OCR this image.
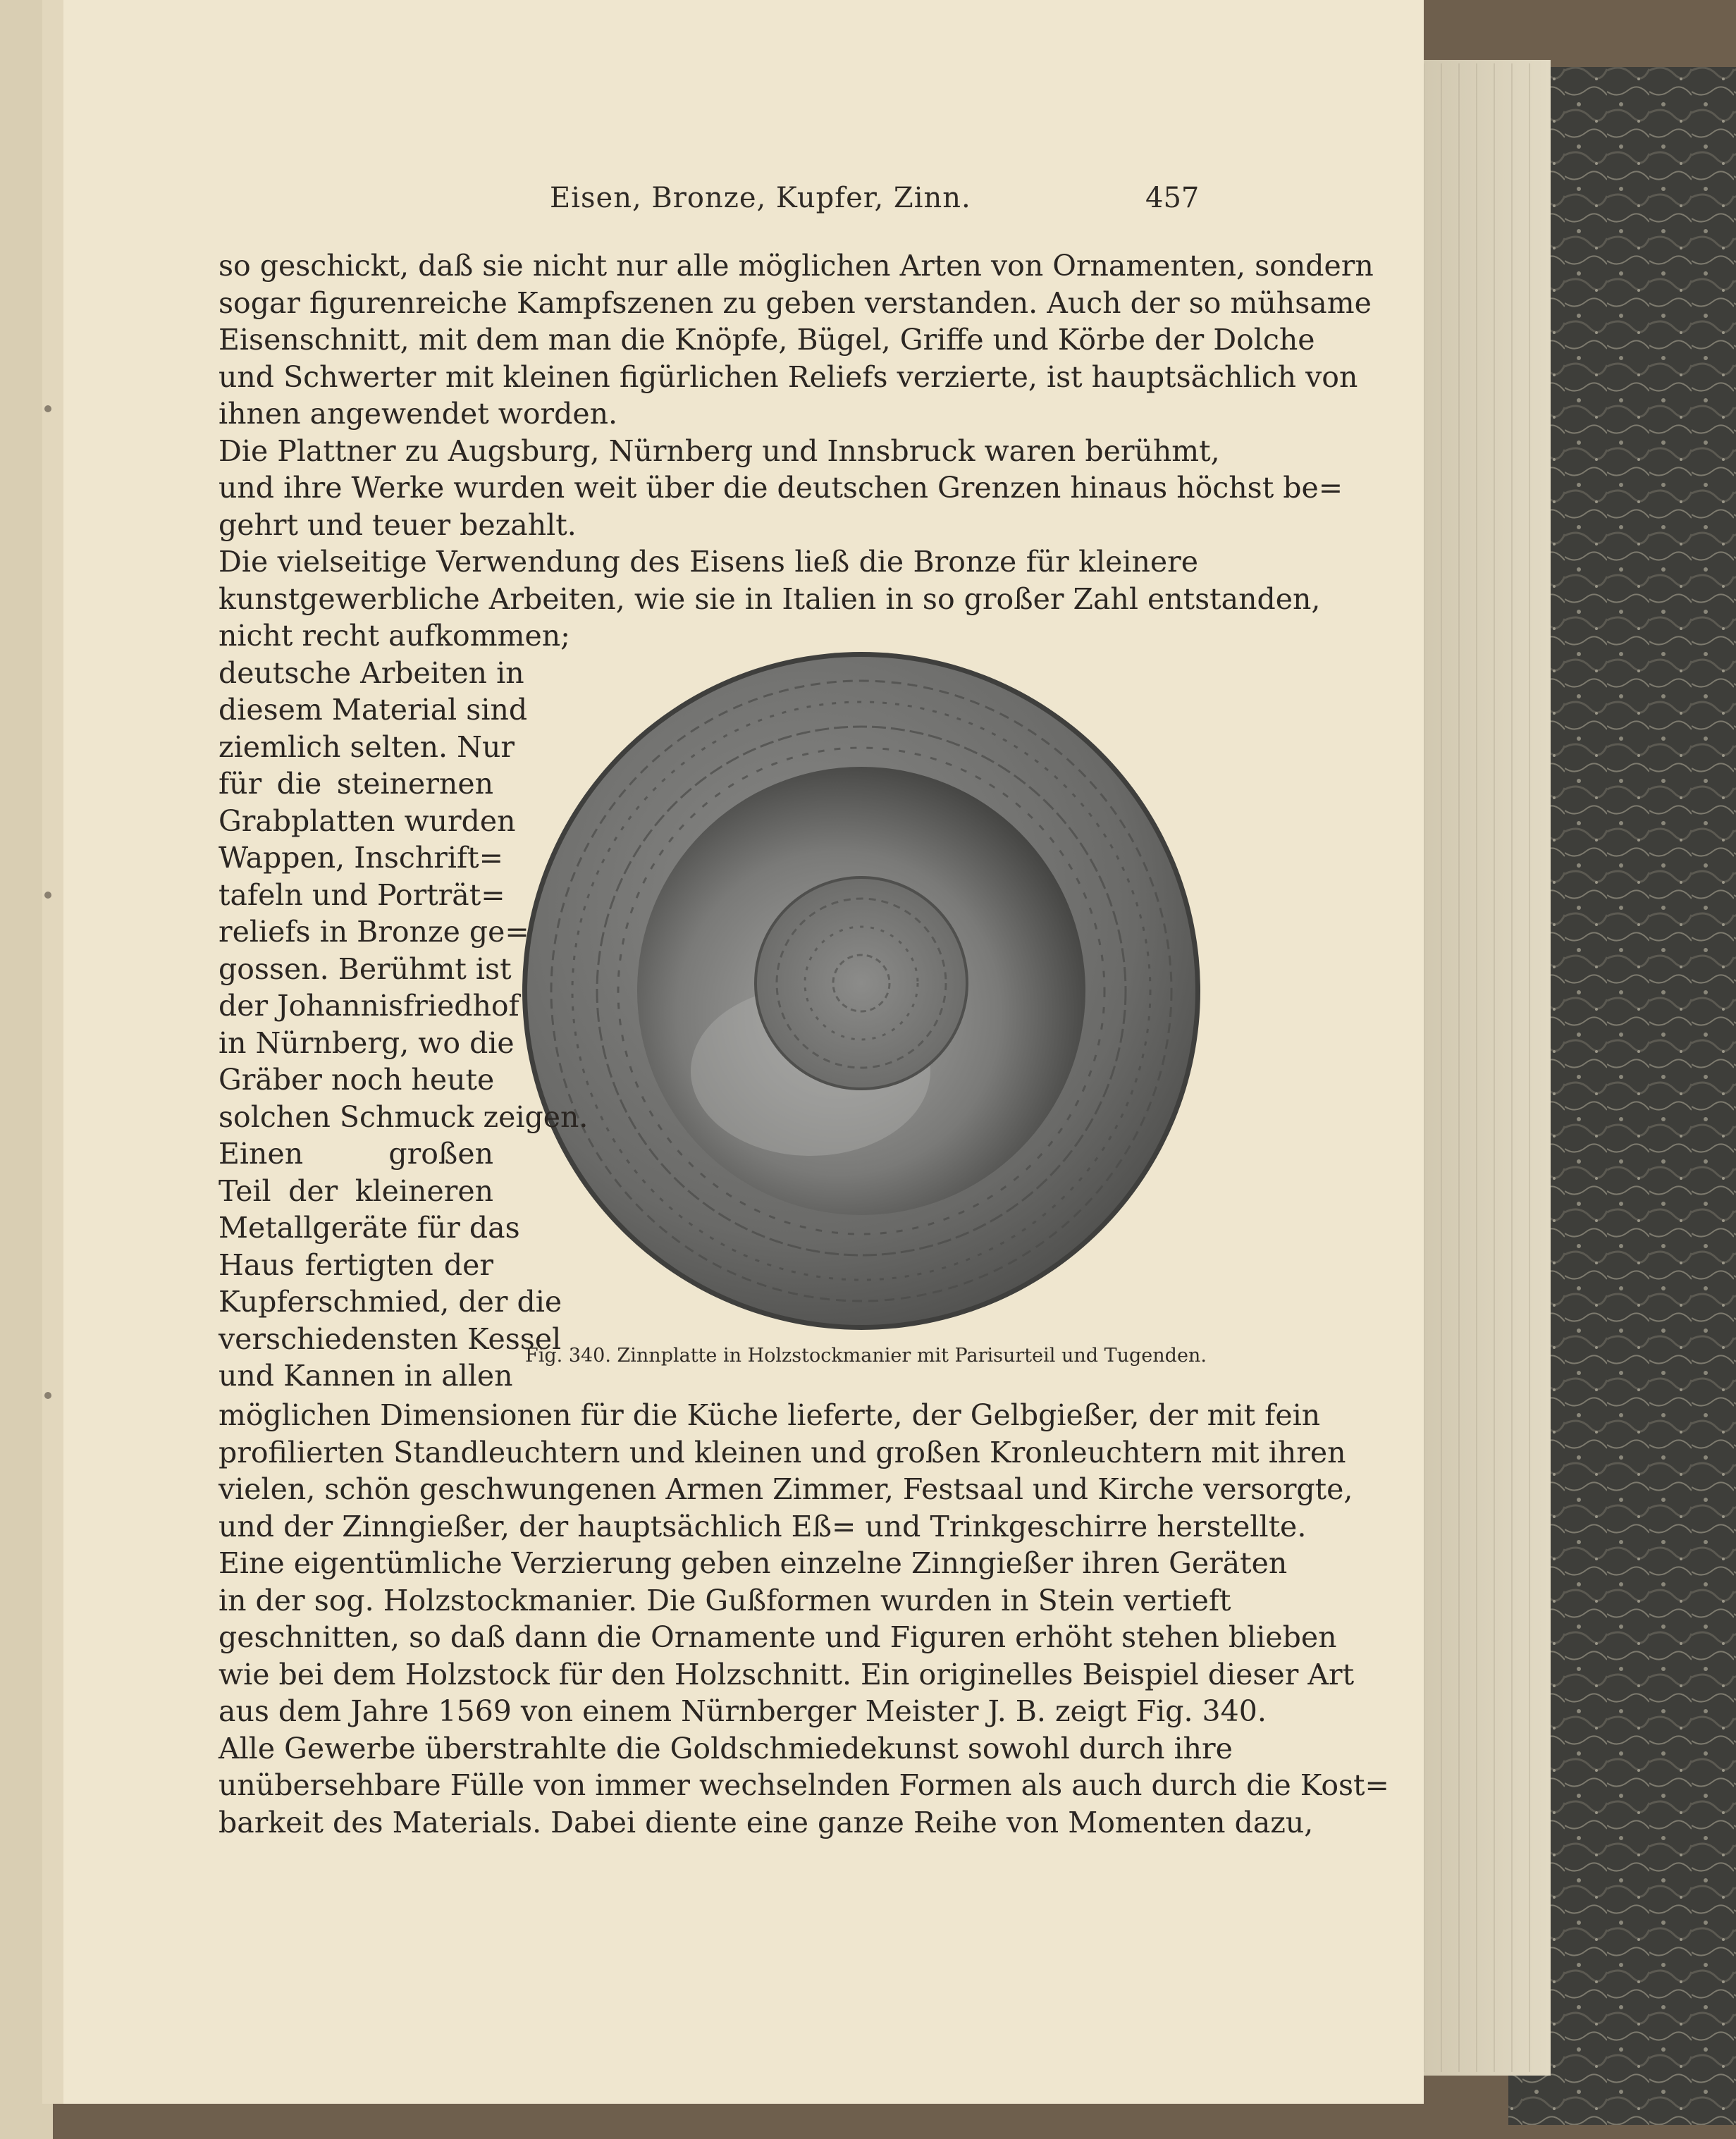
Eisen, Bronze, Kupfer, Zinn.	457
so geschickt, daß sie nicht nur alle möglichen Arten von Ornamenten, sondern
sogar figurenreiche Kampfszenen zu geben verstanden. Auch der so mühsame
Eisenschnitt, mit dem man die Knöpfe, Bügel, Griffe und Körbe der Dolche
und Schwerter mit kleinen figürlichen Reliefs verzierte, ist hauptsächlich von
ihnen angewendet worden.
Die Plattner zu Augsburg, Nürnberg und Innsbruck waren berühmt,
und ihre Werke wurden weit über die deutschen Grenzen hinaus höchst be=
gehrt und teuer bezahlt.
Die vielseitige Verwendung des Eisens ließ die Bronze für kleinere
kunstgewerbliche Arbeiten, wie sie in Italien in so großer Zahl entstanden,
nicht recht aufkommen;
deutsche Arbeiten in
diesem Material sind
ziemlich selten. Nur
für die steinernen
Grabplatten wurden
Wappen, Inschrift=
tafeln und Porträt=
reliefs in Bronze ge=
gossen. Berühmt ist
der Johannisfriedhof
in Nürnberg, wo die
Gräber noch heute
solchen Schmuck zeigen.
Einen großen
Teil der kleineren
Metallgeräte für das
Haus fertigten der
Kupferschmied, der die
verschiedensten Kessel
und Kannen in allen
möglichen Dimensionen für die Küche lieferte, der Gelbgießer, der mit fein
profilierten Standleuchtern und kleinen und großen Kronleuchtern mit ihren
vielen, schön geschwungenen Armen Zimmer, Festsaal und Kirche versorgte,
und der Zinngießer, der hauptsächlich Eß= und Trinkgeschirre herstellte.
Eine eigentümliche Verzierung geben einzelne Zinngießer ihren Geräten
in der sog. Holzstockmanier. Die Gußformen wurden in Stein vertieft
geschnitten, so daß dann die Ornamente und Figuren erhöht stehen blieben
wie bei dem Holzstock für den Holzschnitt. Ein originelles Beispiel dieser Art
aus dem Jahre 1569 von einem Nürnberger Meister J. B. zeigt Fig. 340.
Alle Gewerbe überstrahlte die Goldschmiedekunst sowohl durch ihre
unübersehbare Fülle von immer wechselnden Formen als auch durch die Kost=
barkeit des Materials. Dabei diente eine ganze Reihe von Momenten dazu,
Fig. 340. Zinnplatte in Holzstockmanier mit Parisurteil und Tugenden.
